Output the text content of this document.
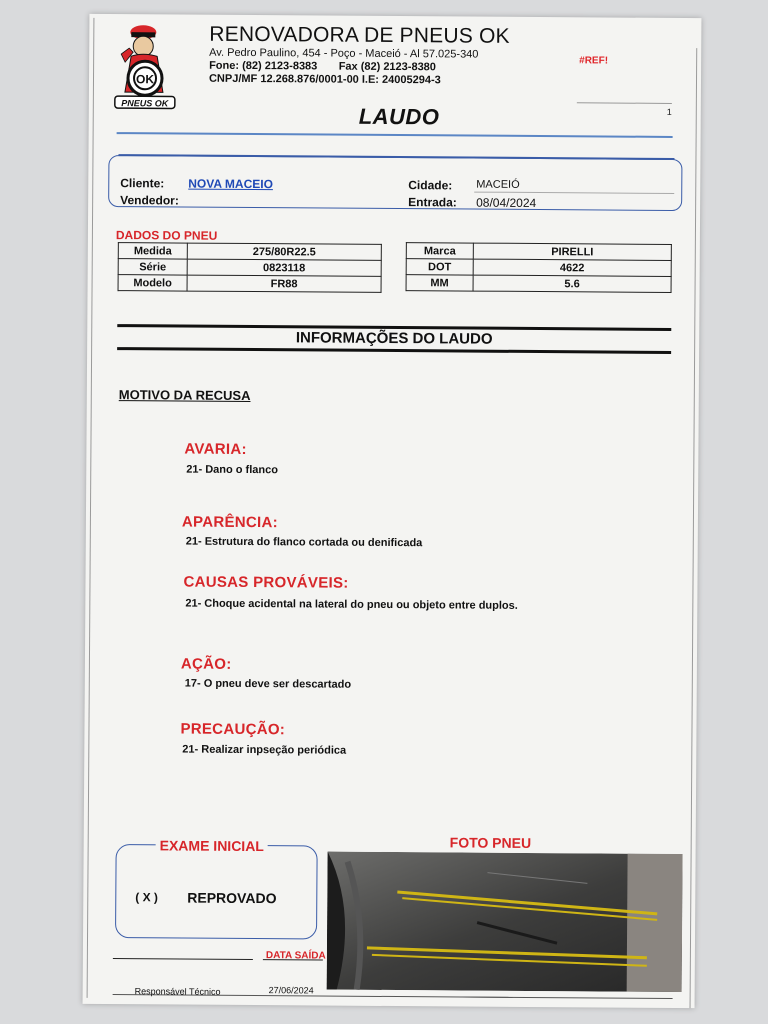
OK
PNEUS OK
RENOVADORA DE PNEUS OK
Av. Pedro Paulino, 454 - Poço - Maceió - Al 57.025-340
Fone: (82) 2123-8383       Fax (82) 2123-8380
CNPJ/MF 12.268.876/0001-00 I.E: 24005294-3
#REF!
1
LAUDO
Cliente: NOVA MACEIO
Vendedor:
Cidade: MACEIÓ
Entrada: 08/04/2024
DADOS DO PNEU
Medida	275/80R22.5
Série	0823118
Modelo	FR88
Marca	PIRELLI
DOT	4622
MM	5.6
INFORMAÇÕES DO LAUDO
MOTIVO DA RECUSA
AVARIA:
21- Dano o flanco
APARÊNCIA:
21- Estrutura do flanco cortada ou denificada
CAUSAS PROVÁVEIS:
21- Choque acidental na lateral do pneu ou objeto entre duplos.
AÇÃO:
17- O pneu deve ser descartado
PRECAUÇÃO:
21- Realizar inpseção periódica
EXAME INICIAL
( X ) REPROVADO
FOTO PNEU
DATA SAÍDA
Responsável Técnico	27/06/2024
